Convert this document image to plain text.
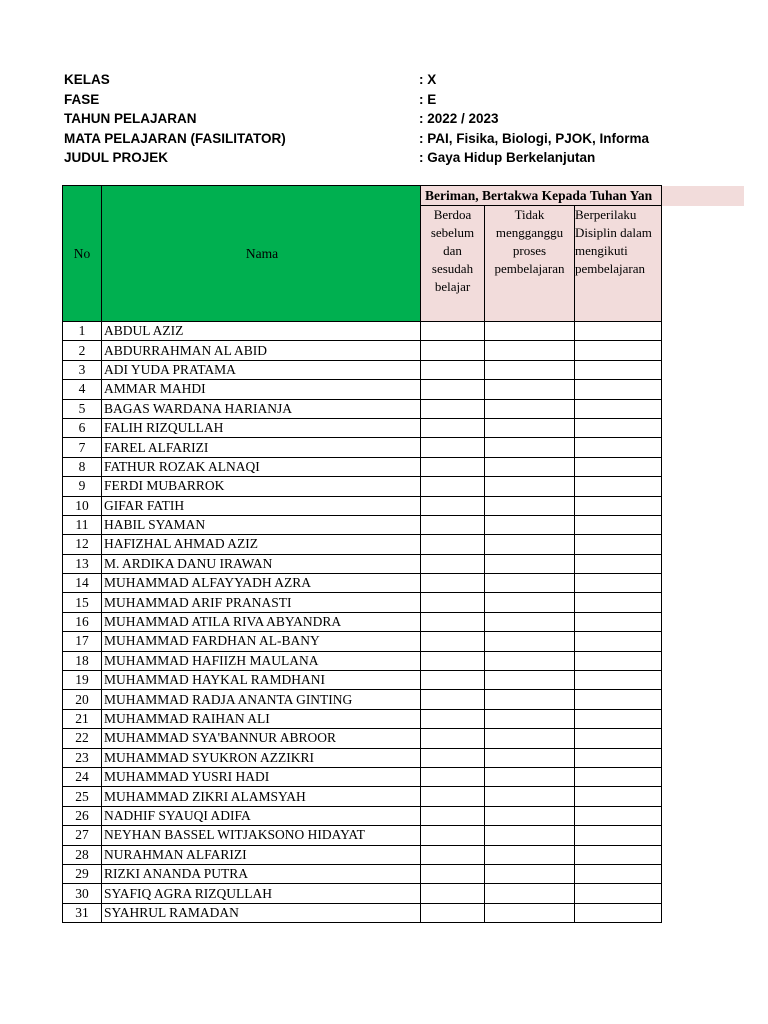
KELAS	: X
FASE	: E
TAHUN PELAJARAN	: 2022 / 2023
MATA PELAJARAN (FASILITATOR)	: PAI, Fisika, Biologi, PJOK, Informa
JUDUL PROJEK	: Gaya Hidup Berkelanjutan
No	Nama	Beriman, Bertakwa Kepada Tuhan Yan		
		Berdoa sebelum dan sesudah belajar	Tidak mengganggu proses pembelajaran	Berperilaku Disiplin dalam mengikuti pembelajaran
1	ABDUL AZIZ			
2	ABDURRAHMAN AL ABID			
3	ADI YUDA PRATAMA			
4	AMMAR MAHDI			
5	BAGAS WARDANA HARIANJA			
6	FALIH RIZQULLAH			
7	FAREL ALFARIZI			
8	FATHUR ROZAK ALNAQI			
9	FERDI MUBARROK			
10	GIFAR FATIH			
11	HABIL SYAMAN			
12	HAFIZHAL AHMAD AZIZ			
13	M. ARDIKA DANU IRAWAN			
14	MUHAMMAD ALFAYYADH AZRA			
15	MUHAMMAD ARIF PRANASTI			
16	MUHAMMAD ATILA RIVA ABYANDRA			
17	MUHAMMAD FARDHAN AL-BANY			
18	MUHAMMAD HAFIIZH MAULANA			
19	MUHAMMAD HAYKAL RAMDHANI			
20	MUHAMMAD RADJA ANANTA GINTING			
21	MUHAMMAD RAIHAN ALI			
22	MUHAMMAD SYA'BANNUR ABROOR			
23	MUHAMMAD SYUKRON AZZIKRI			
24	MUHAMMAD YUSRI HADI			
25	MUHAMMAD ZIKRI ALAMSYAH			
26	NADHIF SYAUQI ADIFA			
27	NEYHAN BASSEL WITJAKSONO HIDAYAT			
28	NURAHMAN ALFARIZI			
29	RIZKI ANANDA PUTRA			
30	SYAFIQ AGRA RIZQULLAH			
31	SYAHRUL RAMADAN			
